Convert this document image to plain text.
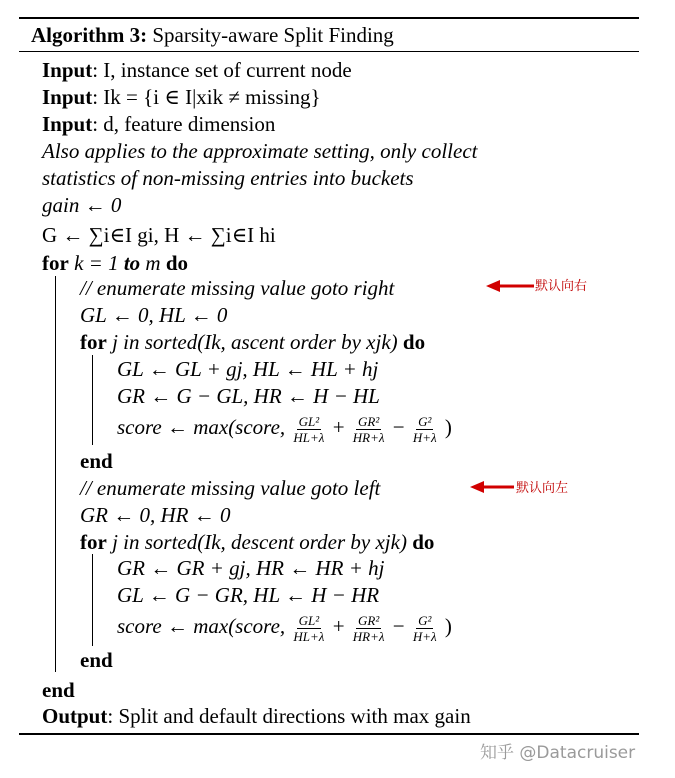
Algorithm 3: Sparsity-aware Split Finding
Input: I, instance set of current node
Input: Ik = {i ∈ I|xik ≠ missing}
Input: d, feature dimension
Also applies to the approximate setting, only collect
statistics of non-missing entries into buckets
gain ← 0
G ← ∑i∈I gi, H ← ∑i∈I hi
for k = 1 to m do
// enumerate missing value goto right	默认向右
GL ← 0, HL ← 0
for j in sorted(Ik, ascent order by xjk) do
GL ← GL + gj, HL ← HL + hj
GR ← G − GL, HR ← H − HL
score ← max(score, $\frac{\text{GL²}}{HL+\lambda} + \frac{\text{GR²}}{HR+\lambda} - \frac{\text{G²}}{H+\lambda}$ )
end
// enumerate missing value goto left	默认向左
GR ← 0, HR ← 0
for j in sorted(Ik, descent order by xjk) do
GR ← GR + gj, HR ← HR + hj
GL ← G − GR, HL ← H − HR
score ← max(score, $\frac{\text{GL²}}{HL+\lambda} + \frac{\text{GR²}}{HR+\lambda} - \frac{\text{G²}}{H+\lambda}$ )
end
end
Output: Split and default directions with max gain
知乎 @Datacruiser
